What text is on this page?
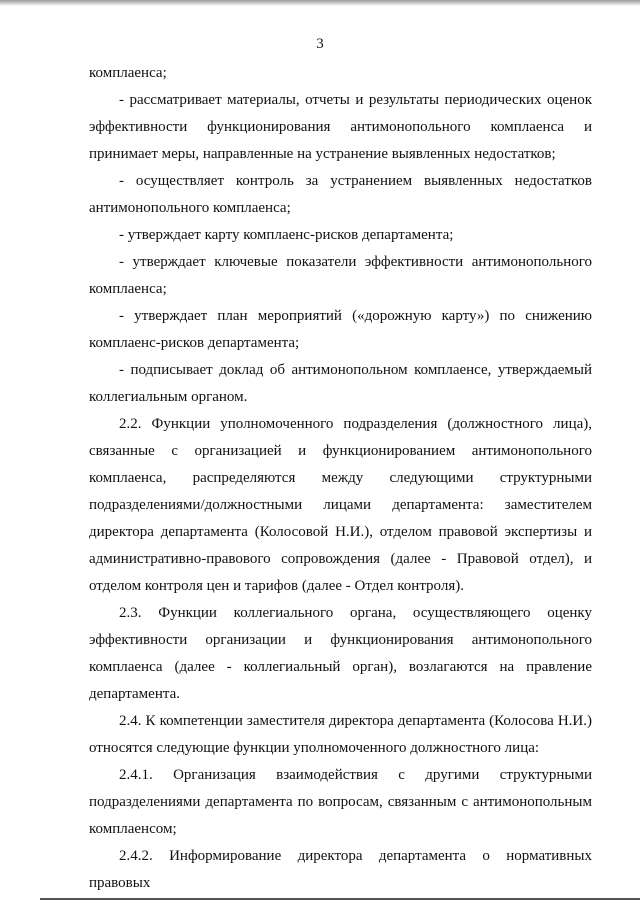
3

комплаенса;

- рассматривает материалы, отчеты и результаты периодических оценок эффективности функционирования антимонопольного комплаенса и принимает меры, направленные на устранение выявленных недостатков;

- осуществляет контроль за устранением выявленных недостатков антимонопольного комплаенса;

- утверждает карту комплаенс-рисков департамента;

- утверждает ключевые показатели эффективности антимонопольного комплаенса;

- утверждает план мероприятий («дорожную карту») по снижению комплаенс-рисков департамента;

- подписывает доклад об антимонопольном комплаенсе, утверждаемый коллегиальным органом.

2.2. Функции уполномоченного подразделения (должностного лица), связанные с организацией и функционированием антимонопольного комплаенса, распределяются между следующими структурными подразделениями/должностными лицами департамента: заместителем директора департамента (Колосовой Н.И.), отделом правовой экспертизы и административно-правового сопровождения (далее - Правовой отдел), и отделом контроля цен и тарифов (далее - Отдел контроля).

2.3. Функции коллегиального органа, осуществляющего оценку эффективности организации и функционирования антимонопольного комплаенса (далее - коллегиальный орган), возлагаются на правление департамента.

2.4. К компетенции заместителя директора департамента (Колосова Н.И.) относятся следующие функции уполномоченного должностного лица:

2.4.1. Организация взаимодействия с другими структурными подразделениями департамента по вопросам, связанным с антимонопольным комплаенсом;

2.4.2. Информирование директора департамента о нормативных правовых
